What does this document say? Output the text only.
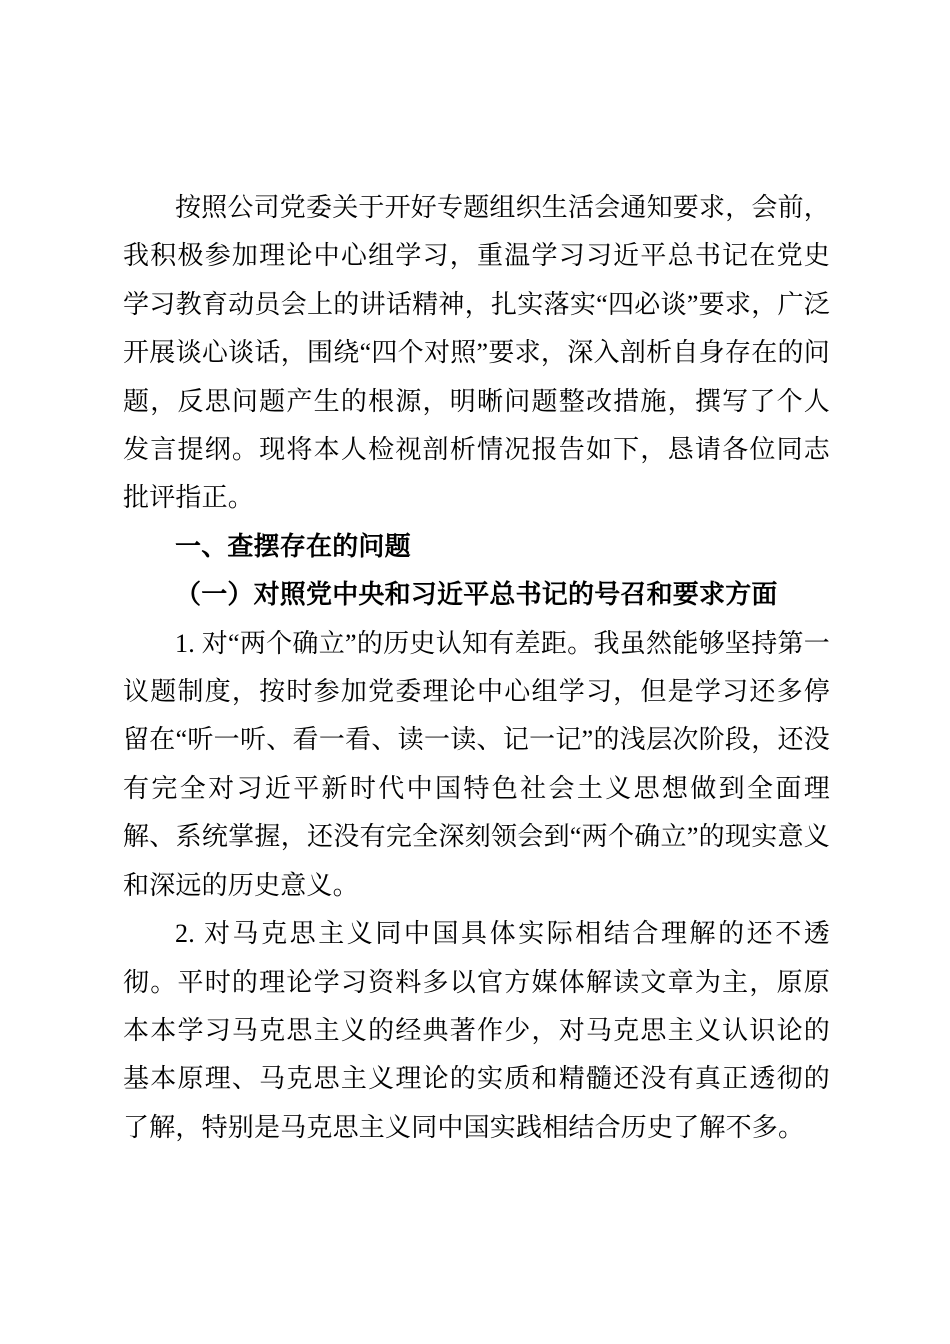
按照公司党委关于开好专题组织生活会通知要求，会前，我积极参加理论中心组学习，重温学习习近平总书记在党史学习教育动员会上的讲话精神，扎实落实“四必谈”要求，广泛开展谈心谈话，围绕“四个对照”要求，深入剖析自身存在的问题，反思问题产生的根源，明晰问题整改措施，撰写了个人发言提纲。现将本人检视剖析情况报告如下，恳请各位同志批评指正。

一、查摆存在的问题
（一）对照党中央和习近平总书记的号召和要求方面

1. 对“两个确立”的历史认知有差距。我虽然能够坚持第一议题制度，按时参加党委理论中心组学习，但是学习还多停留在“听一听、看一看、读一读、记一记”的浅层次阶段，还没有完全对习近平新时代中国特色社会土义思想做到全面理解、系统掌握，还没有完全深刻领会到“两个确立”的现实意义和深远的历史意义。

2. 对马克思主义同中国具体实际相结合理解的还不透彻。平时的理论学习资料多以官方媒体解读文章为主，原原本本学习马克思主义的经典著作少，对马克思主义认识论的基本原理、马克思主义理论的实质和精髓还没有真正透彻的了解，特别是马克思主义同中国实践相结合历史了解不多。
